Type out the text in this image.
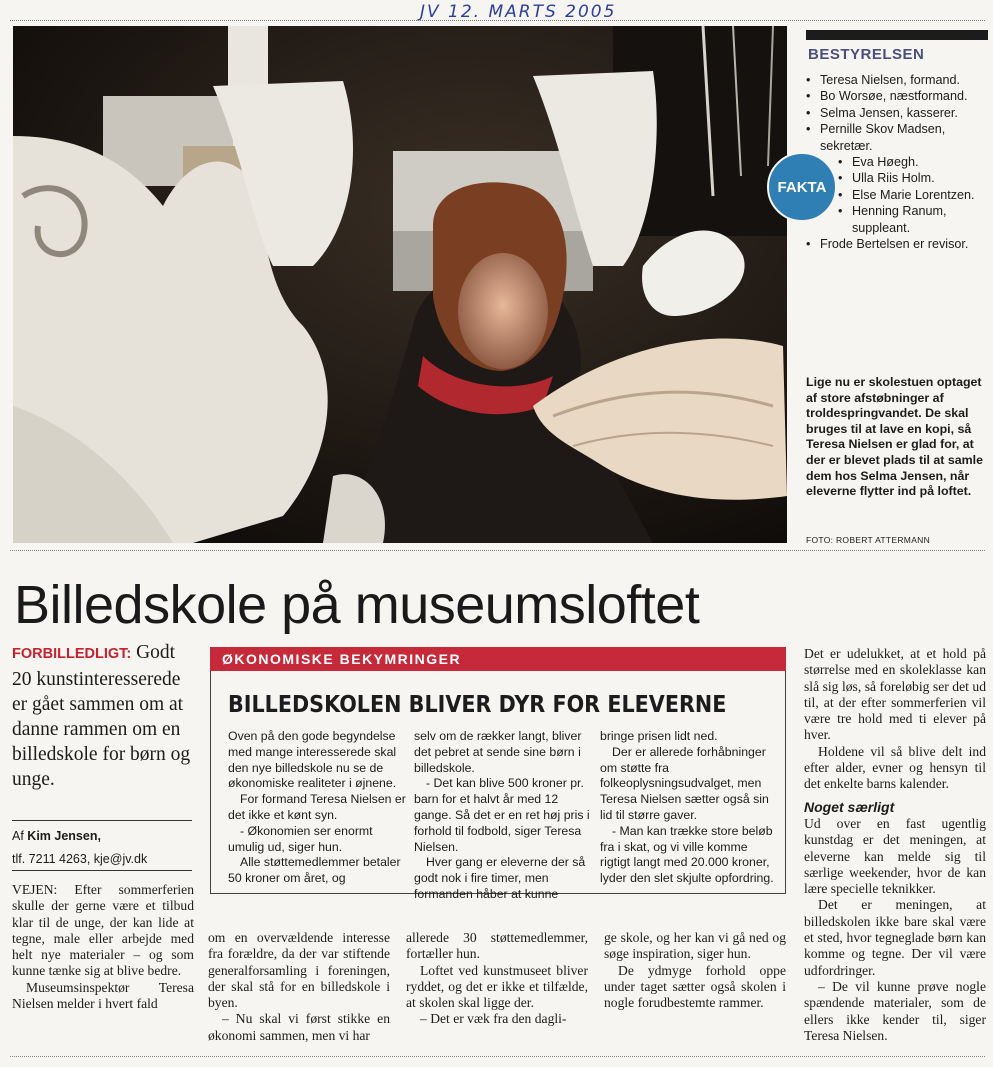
JV 12. MARTS 2005
BESTYRELSEN
• Teresa Nielsen, formand.
• Bo Worsøe, næstformand.
• Selma Jensen, kasserer.
• Pernille Skov Madsen, sekretær.
• Eva Høegh.
• Ulla Riis Holm.
• Else Marie Lorentzen.
• Henning Ranum, suppleant.
• Frode Bertelsen er revisor.
FAKTA
Lige nu er skolestuen optaget af store afstøbninger af troldespringvandet. De skal bruges til at lave en kopi, så Teresa Nielsen er glad for, at der er blevet plads til at samle dem hos Selma Jensen, når eleverne flytter ind på loftet.
FOTO: ROBERT ATTERMANN
Billedskole på museumsloftet
FORBILLEDLIGT: Godt 20 kunstinteresserede er gået sammen om at danne rammen om en billedskole for børn og unge.
Af Kim Jensen,
tlf. 7211 4263, kje@jv.dk
ØKONOMISKE BEKYMRINGER
BILLEDSKOLEN BLIVER DYR FOR ELEVERNE

Oven på den gode begyndelse med mange interesserede skal den nye billedskole nu se de økonomiske realiteter i øjnene.

For formand Teresa Nielsen er det ikke et kønt syn.

- Økonomien ser enormt umulig ud, siger hun.

Alle støttemedlemmer betaler 50 kroner om året, og

selv om de rækker langt, bliver det pebret at sende sine børn i billedskole.

- Det kan blive 500 kroner pr. barn for et halvt år med 12 gange. Så det er en ret høj pris i forhold til fodbold, siger Teresa Nielsen.

Hver gang er eleverne der så godt nok i fire timer, men formanden håber at kunne

bringe prisen lidt ned.

Der er allerede forhåbninger om støtte fra folkeoplysningsudvalget, men Teresa Nielsen sætter også sin lid til større gaver.

- Man kan trække store beløb fra i skat, og vi ville komme rigtigt langt med 20.000 kroner, lyder den slet skjulte opfordring.

VEJEN: Efter sommerferien skulle der gerne være et tilbud klar til de unge, der kan lide at tegne, male eller arbejde med helt nye materialer – og som kunne tænke sig at blive bedre.

Museumsinspektør Teresa Nielsen melder i hvert fald

om en overvældende interesse fra forældre, da der var stiftende generalforsamling i foreningen, der skal stå for en billedskole i byen.

– Nu skal vi først stikke en økonomi sammen, men vi har

allerede 30 støttemedlemmer, fortæller hun.

Loftet ved kunstmuseet bliver ryddet, og det er ikke et tilfælde, at skolen skal ligge der.

– Det er væk fra den dagli-

ge skole, og her kan vi gå ned og søge inspiration, siger hun.

De ydmyge forhold oppe under taget sætter også skolen i nogle forudbestemte rammer.

Det er udelukket, at et hold på størrelse med en skoleklasse kan slå sig løs, så foreløbig ser det ud til, at der efter sommerferien vil være tre hold med ti elever på hver.

Holdene vil så blive delt ind efter alder, evner og hensyn til det enkelte barns kalender.

Noget særligt

Ud over en fast ugentlig kunstdag er det meningen, at eleverne kan melde sig til særlige weekender, hvor de kan lære specielle teknikker.

Det er meningen, at billedskolen ikke bare skal være et sted, hvor tegneglade børn kan komme og tegne. Der vil være udfordringer.

– De vil kunne prøve nogle spændende materialer, som de ellers ikke kender til, siger Teresa Nielsen.
